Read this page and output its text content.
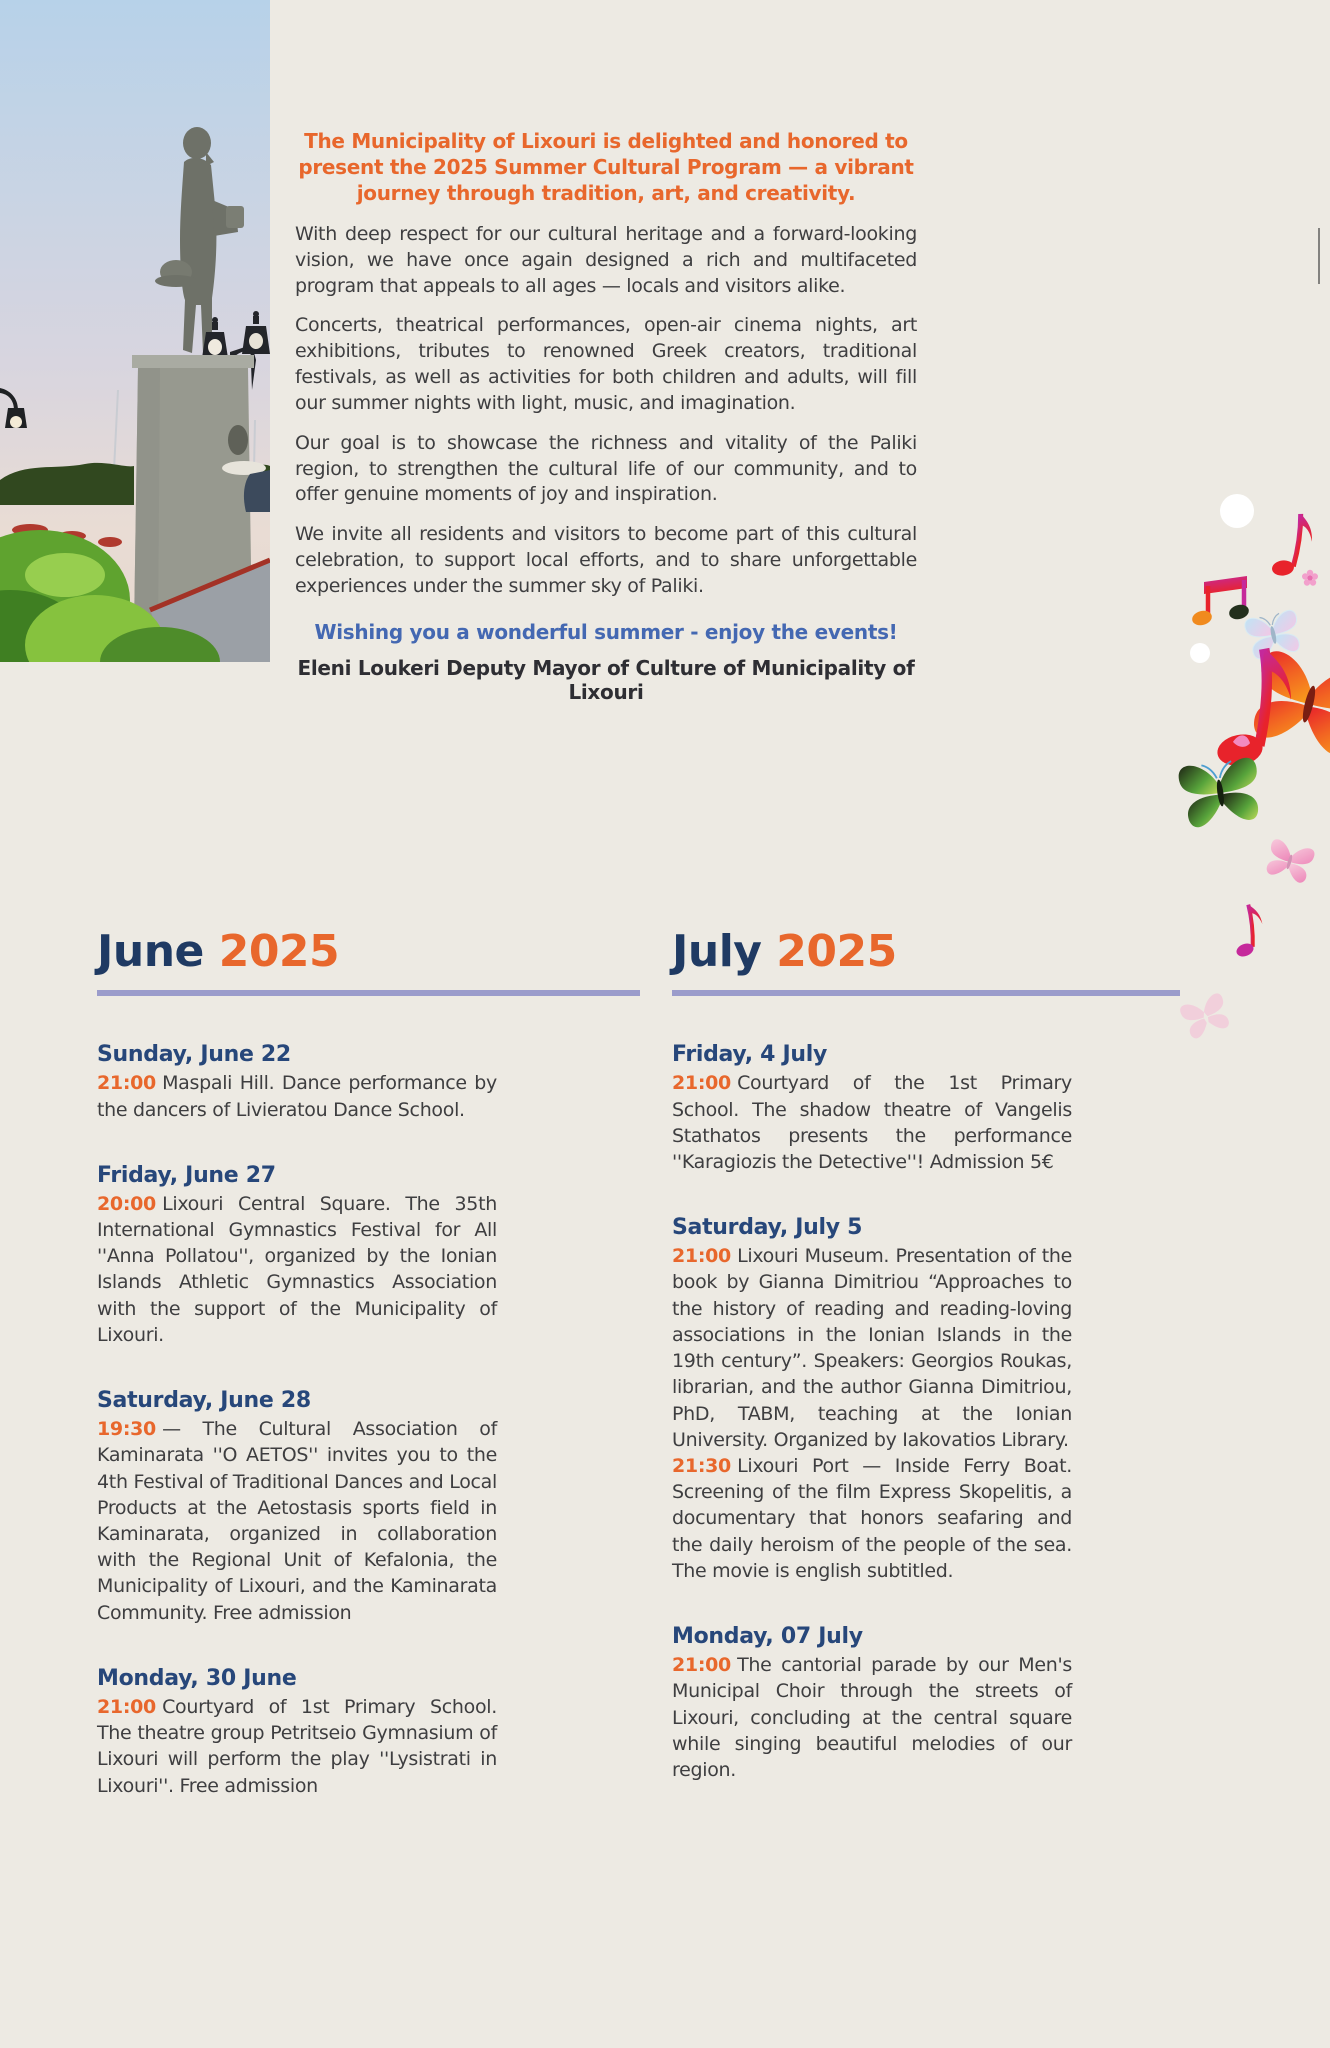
The Municipality of Lixouri is delighted and honored to present the 2025 Summer Cultural Program — a vibrant journey through tradition, art, and creativity.

With deep respect for our cultural heritage and a forward-looking vision, we have once again designed a rich and multifaceted program that appeals to all ages — locals and visitors alike.

Concerts, theatrical performances, open-air cinema nights, art exhibitions, tributes to renowned Greek creators, traditional festivals, as well as activities for both children and adults, will fill our summer nights with light, music, and imagination.

Our goal is to showcase the richness and vitality of the Paliki region, to strengthen the cultural life of our community, and to offer genuine moments of joy and inspiration.

We invite all residents and visitors to become part of this cultural celebration, to support local efforts, and to share unforgettable experiences under the summer sky of Paliki.

Wishing you a wonderful summer - enjoy the events!

Eleni Loukeri Deputy Mayor of Culture of Municipality of Lixouri

June 2025
Sunday, June 22

21:00 Maspali Hill. Dance performance by the dancers of Livieratou Dance School.

Friday, June 27

20:00 Lixouri Central Square. The 35th International Gymnastics Festival for All ''Anna Pollatou'', organized by the Ionian Islands Athletic Gymnastics Association with the support of the Municipality of Lixouri.

Saturday, June 28

19:30 — The Cultural Association of Kaminarata ''O AETOS'' invites you to the 4th Festival of Traditional Dances and Local Products at the Aetostasis sports field in Kaminarata, organized in collaboration with the Regional Unit of Kefalonia, the Municipality of Lixouri, and the Kaminarata Community. Free admission

Monday, 30 June

21:00 Courtyard of 1st Primary School. The theatre group Petritseio Gymnasium of Lixouri will perform the play ''Lysistrati in Lixouri''. Free admission

July 2025
Friday, 4 July

21:00 Courtyard of the 1st Primary School. The shadow theatre of Vangelis Stathatos presents the performance ''Karagiozis the Detective''! Admission 5€

Saturday, July 5

21:00 Lixouri Museum. Presentation of the book by Gianna Dimitriou “Approaches to the history of reading and reading-loving associations in the Ionian Islands in the 19th century”. Speakers: Georgios Roukas, librarian, and the author Gianna Dimitriou, PhD, TABM, teaching at the Ionian University. Organized by Iakovatios Library.

21:30 Lixouri Port — Inside Ferry Boat. Screening of the film Express Skopelitis, a documentary that honors seafaring and the daily heroism of the people of the sea. The movie is english subtitled.

Monday, 07 July

21:00 The cantorial parade by our Men's Municipal Choir through the streets of Lixouri, concluding at the central square while singing beautiful melodies of our region.
